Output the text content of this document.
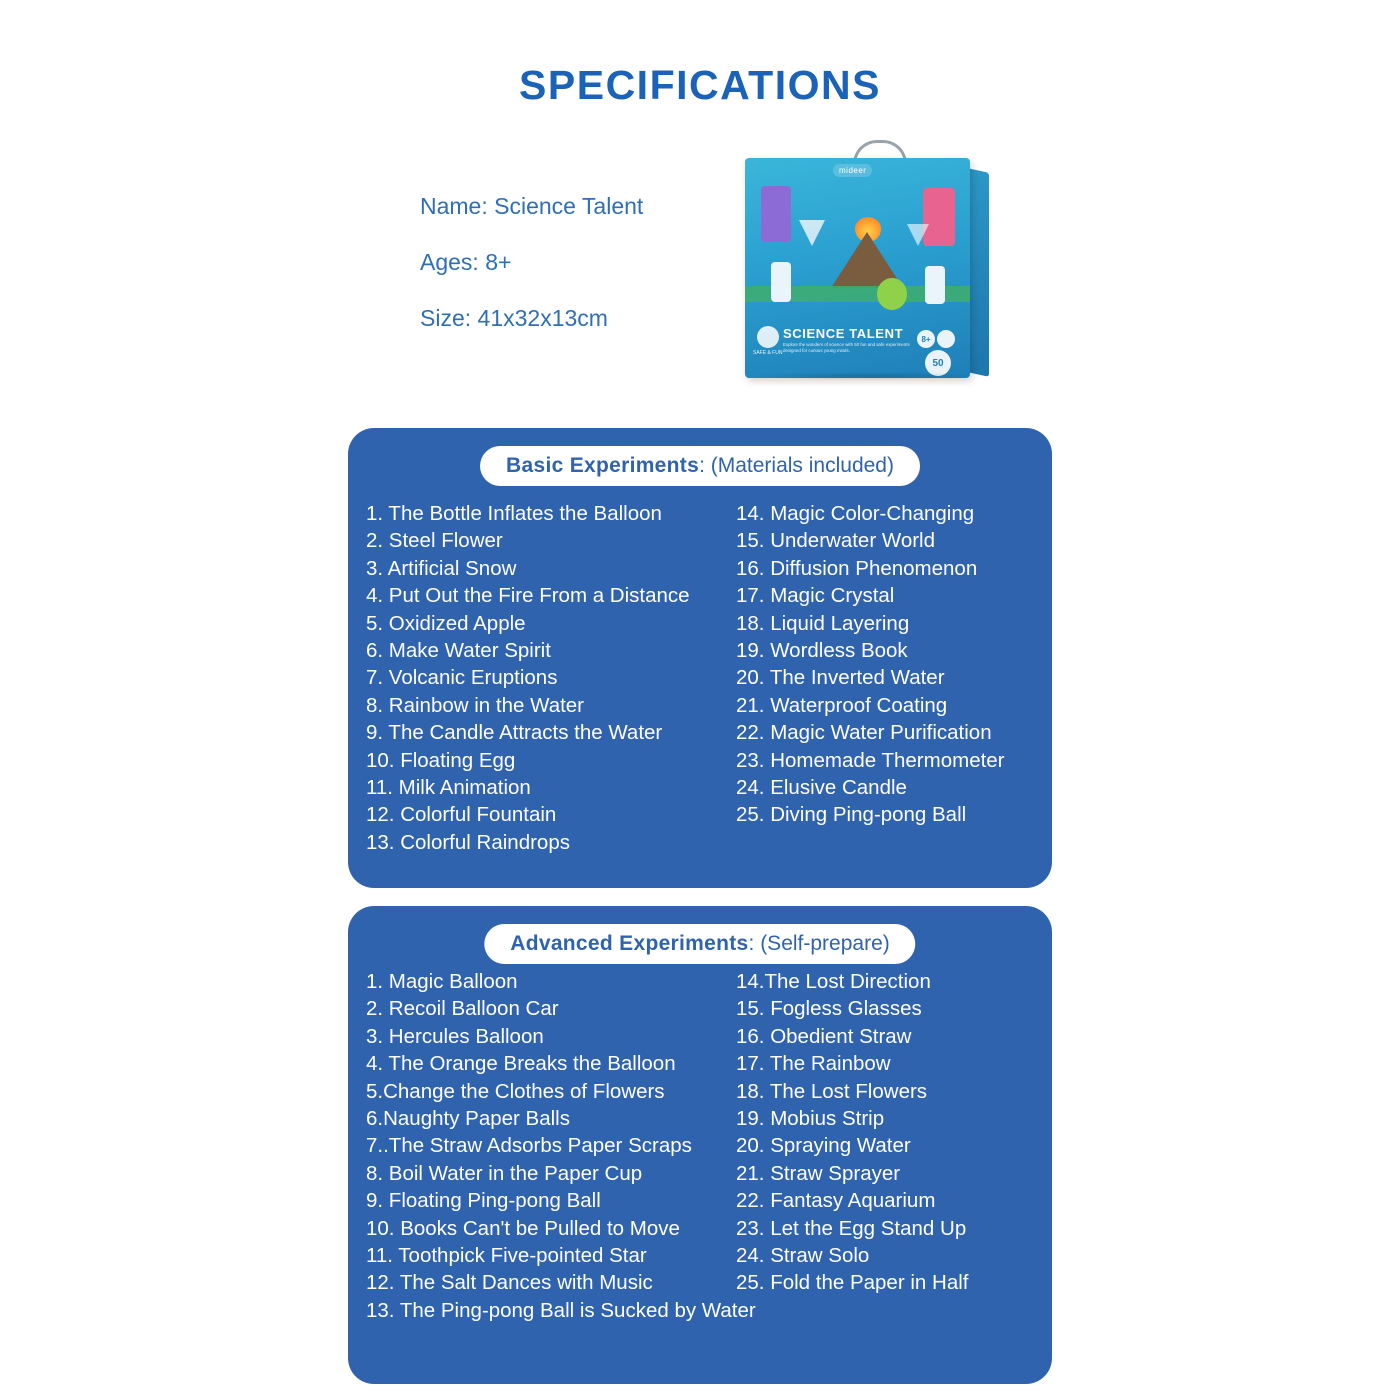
SPECIFICATIONS
Name: Science Talent
Ages: 8+
Size: 41x32x13cm
mideer
SAFE & FUN
SCIENCE TALENT
Explore the wonders of science with 50 fun and safe experiments designed for curious young minds.
8+
50
Basic Experiments: (Materials included)
1. The Bottle Inflates the Balloon
2. Steel Flower
3. Artificial Snow
4. Put Out the Fire From a Distance
5. Oxidized Apple
6. Make Water Spirit
7. Volcanic Eruptions
8. Rainbow in the Water
9. The Candle Attracts the Water
10. Floating Egg
11. Milk Animation
12. Colorful Fountain
13. Colorful Raindrops
14. Magic Color-Changing
15. Underwater World
16. Diffusion Phenomenon
17. Magic Crystal
18. Liquid Layering
19. Wordless Book
20. The Inverted Water
21. Waterproof Coating
22. Magic Water Purification
23. Homemade Thermometer
24. Elusive Candle
25. Diving Ping-pong Ball
Advanced Experiments: (Self-prepare)
1. Magic Balloon
2. Recoil Balloon Car
3. Hercules Balloon
4. The Orange Breaks the Balloon
5.Change the Clothes of Flowers
6.Naughty Paper Balls
7..The Straw Adsorbs Paper Scraps
8. Boil Water in the Paper Cup
9. Floating Ping-pong Ball
10. Books Can't be Pulled to Move
11. Toothpick Five-pointed Star
12. The Salt Dances with Music
13. The Ping-pong Ball is Sucked by Water
14.The Lost Direction
15. Fogless Glasses
16. Obedient Straw
17. The Rainbow
18. The Lost Flowers
19. Mobius Strip
20. Spraying Water
21. Straw Sprayer
22. Fantasy Aquarium
23. Let the Egg Stand Up
24. Straw Solo
25. Fold the Paper in Half
